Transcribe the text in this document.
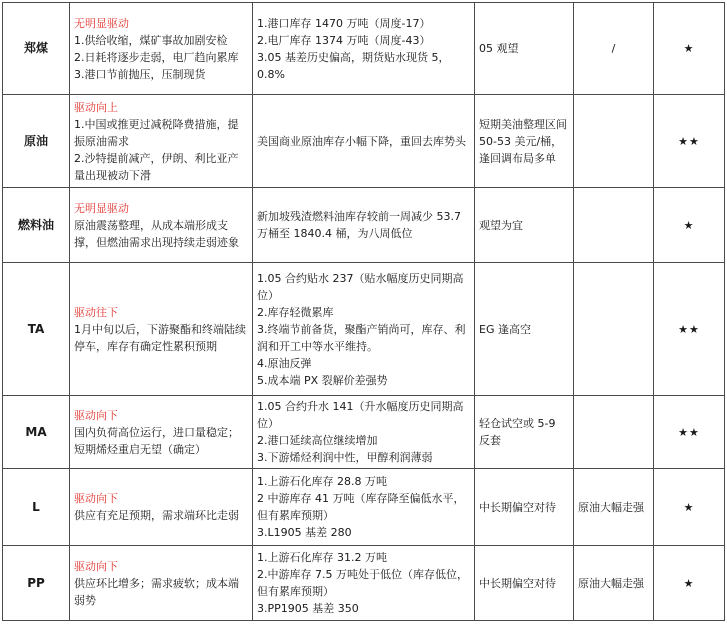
郑煤	无明显驱动
1.供给收缩，煤矿事故加剧安检
2.日耗将逐步走弱，电厂趋向累库
3.港口节前抛压，压制现货	1.港口库存 1470 万吨（周度-17）
2.电厂库存 1374 万吨（周度-43）
3.05 基差历史偏高，期货贴水现货 5，0.8%	05 观望	/	★
原油	驱动向上
1.中国或推更过减税降费措施，提振原油需求
2.沙特提前减产，伊朗、利比亚产量出现被动下滑	美国商业原油库存小幅下降，重回去库势头	短期美油整理区间 50-53 美元/桶，逢回调布局多单		★★
燃料油	无明显驱动
原油震荡整理，从成本端形成支撑，但燃油需求出现持续走弱迹象	新加坡残渣燃料油库存较前一周减少 53.7 万桶至 1840.4 桶，为八周低位	观望为宜		★
TA	驱动往下
1月中旬以后，下游聚酯和终端陆续停车，库存有确定性累积预期	1.05 合约贴水 237（贴水幅度历史同期高位）
2.库存轻微累库
3.终端节前备货，聚酯产销尚可，库存、利润和开工中等水平维持。
4.原油反弹
5.成本端 PX 裂解价差强势	EG 逢高空		★★
MA	驱动向下
国内负荷高位运行，进口量稳定；短期烯烃重启无望（确定）	1.05 合约升水 141（升水幅度历史同期高位）
2.港口延续高位继续增加
3.下游烯烃利润中性，甲醇利润薄弱	轻仓试空或 5-9 反套		★★
L	驱动向下
供应有充足预期，需求端环比走弱	1.上游石化库存 28.8 万吨
2 中游库存 41 万吨（库存降至偏低水平，但有累库预期）
3.L1905 基差 280	中长期偏空对待	原油大幅走强	★
PP	驱动向下
供应环比增多；需求疲软；成本端弱势	1.上游石化库存 31.2 万吨
2.中游库存 7.5 万吨处于低位（库存低位，但有累库预期）
3.PP1905 基差 350	中长期偏空对待	原油大幅走强	★
